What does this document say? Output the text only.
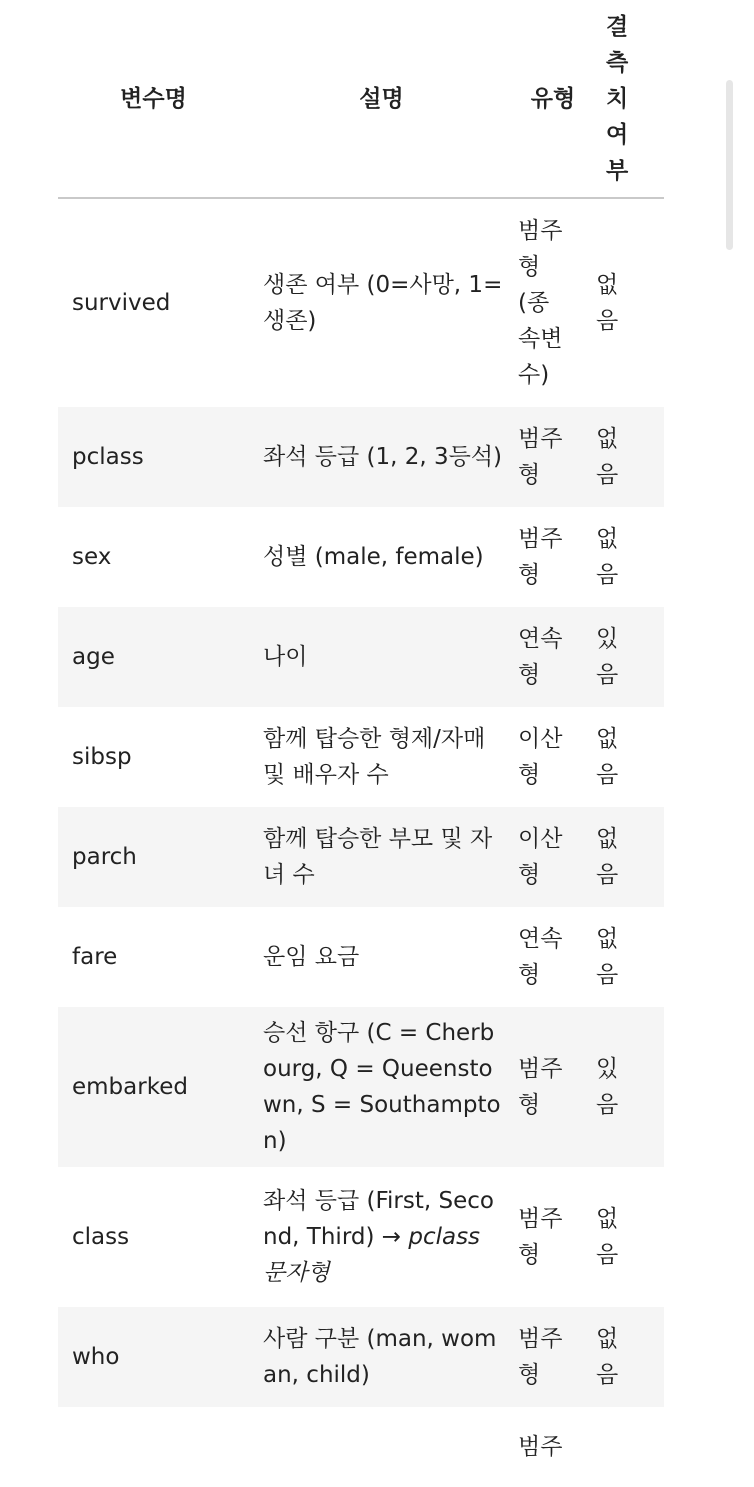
변수명	설명	유형	결측치 여부

survived	생존 여부 (0=사망, 1=생존)	범주형 (종속변수)	없음

pclass	좌석 등급 (1, 2, 3등석)	범주형	없음

sex	성별 (male, female)	범주형	없음

age	나이	연속형	있음

sibsp	함께 탑승한 형제/자매 및 배우자 수	이산형	없음

parch	함께 탑승한 부모 및 자녀 수	이산형	없음

fare	운임 요금	연속형	없음

embarked	승선 항구 (C = Cherbourg, Q = Queenstown, S = Southampton)	범주형	있음

class	좌석 등급 (First, Second, Third) → pclass 문자형	범주형	없음

who	사람 구분 (man, woman, child)	범주형	없음

		범주	
